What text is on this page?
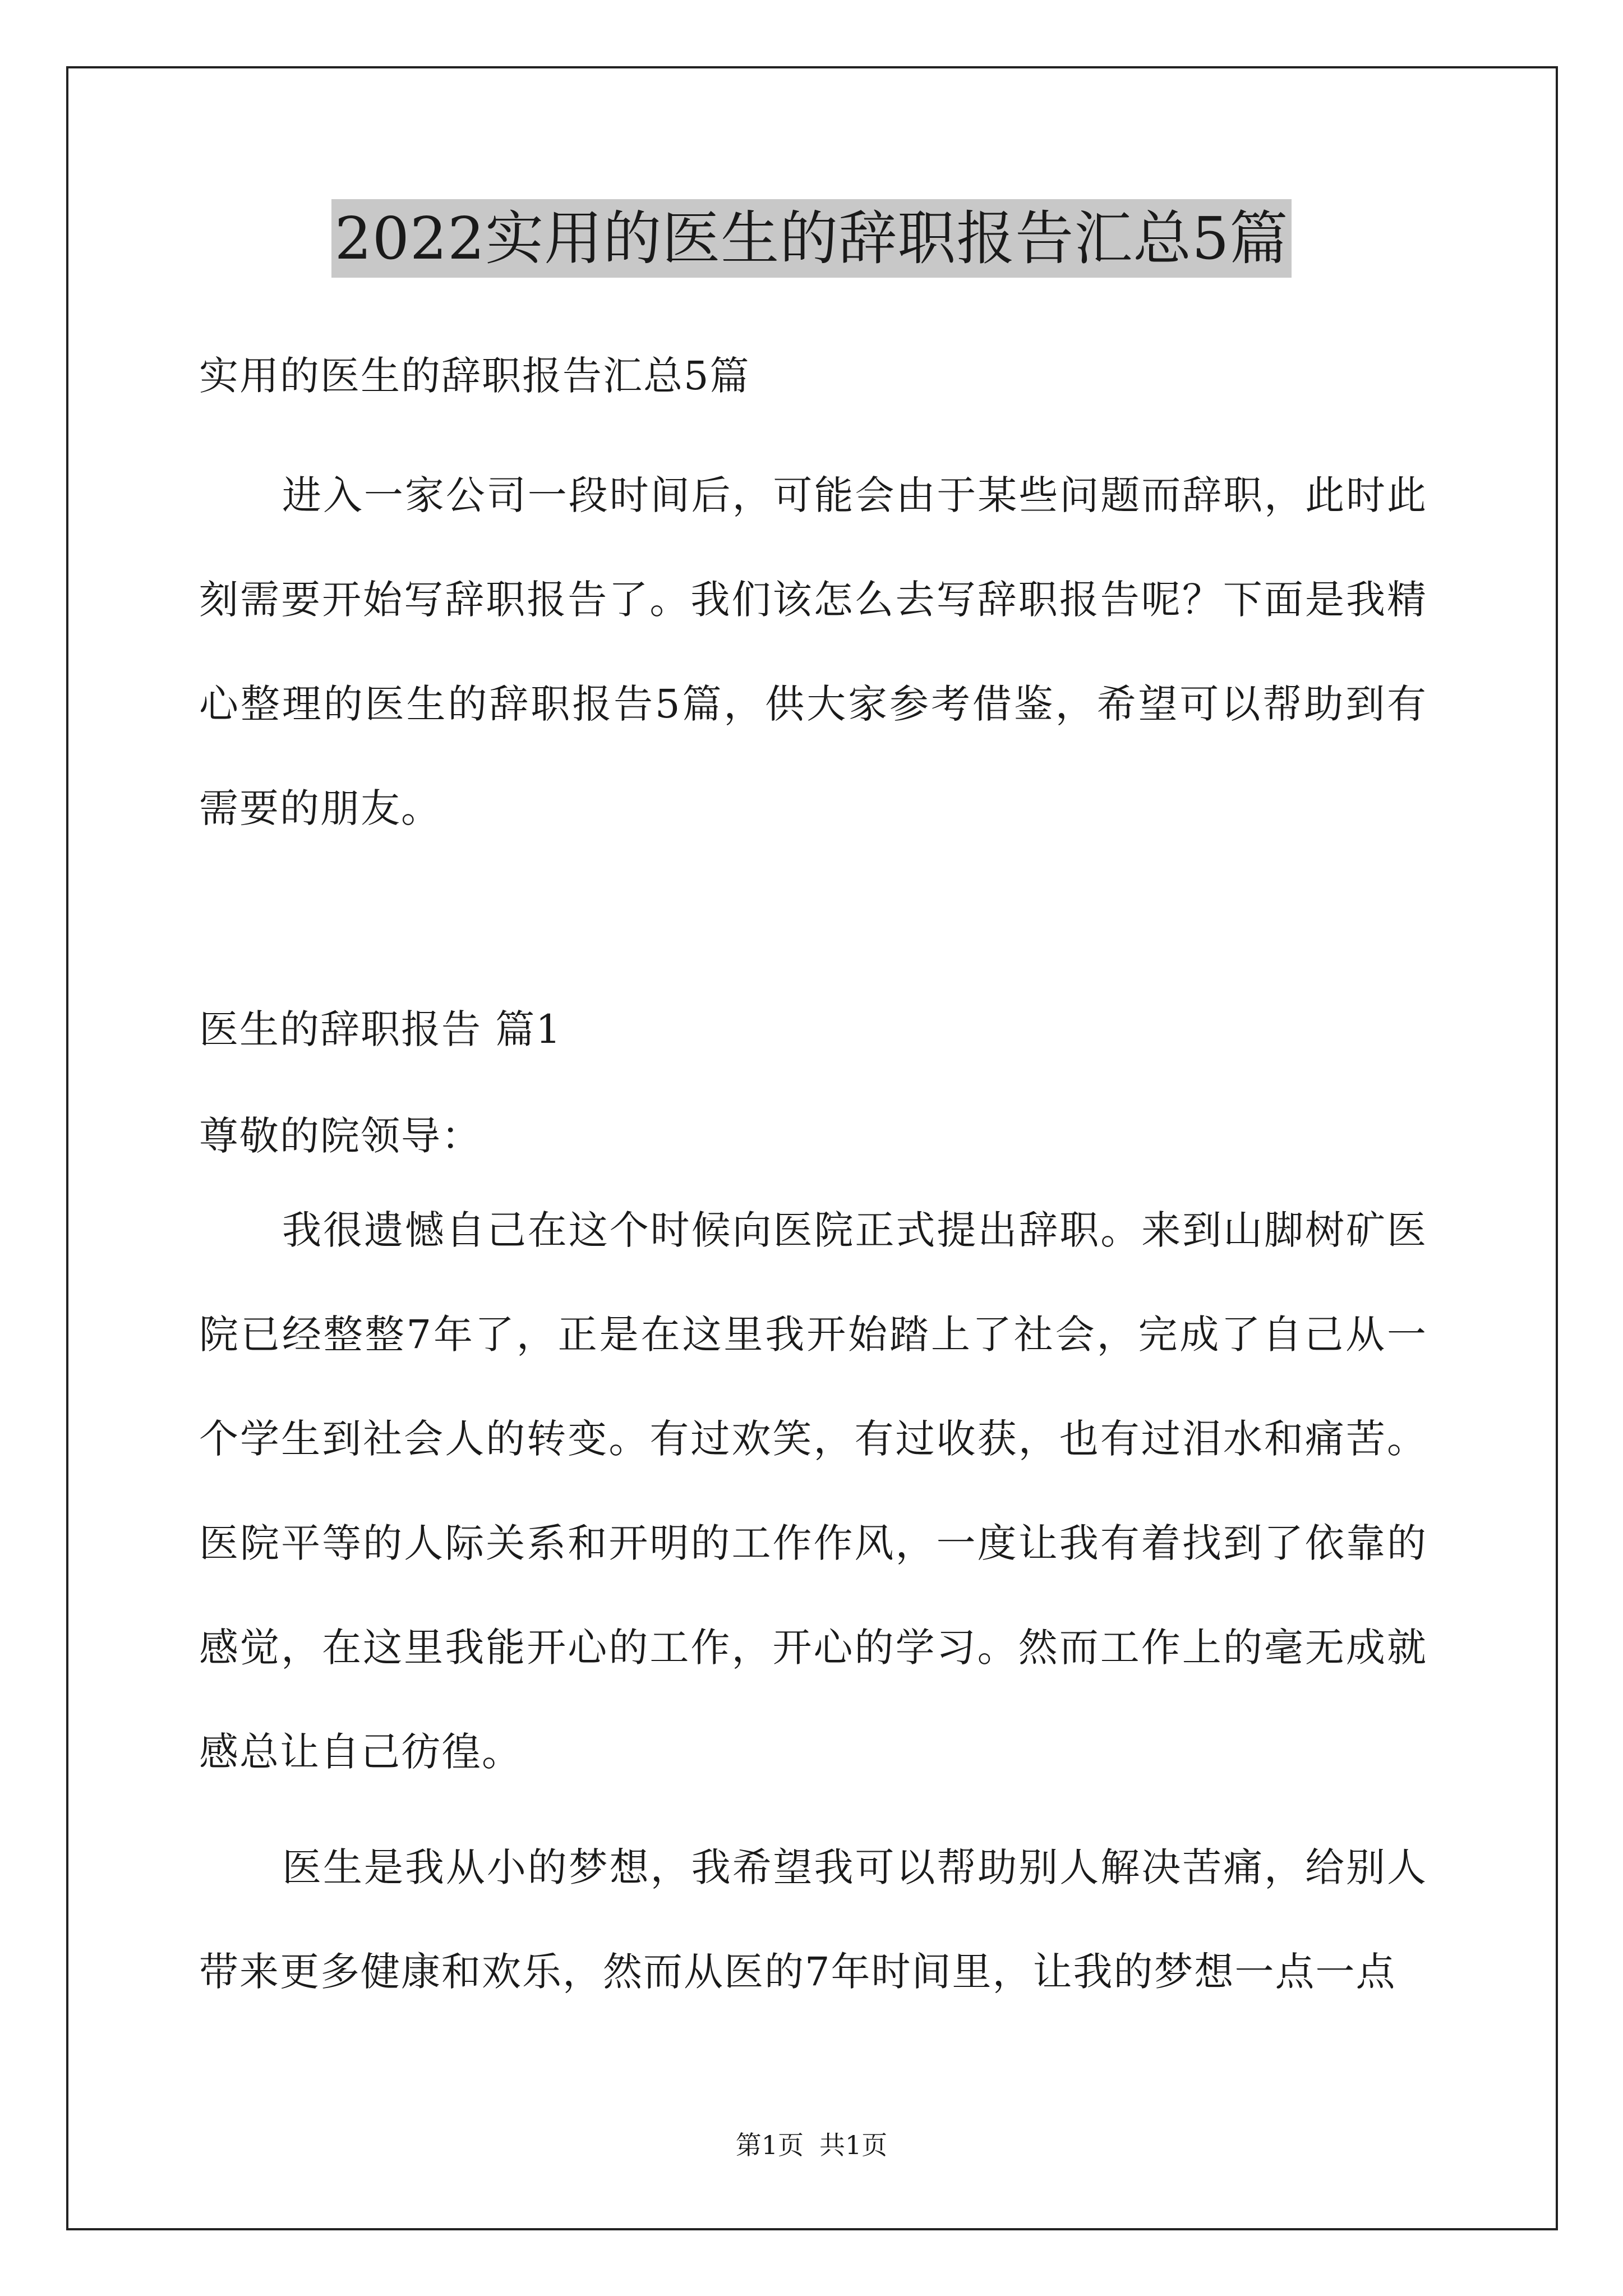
2022实用的医生的辞职报告汇总5篇

实用的医生的辞职报告汇总5篇

进入一家公司一段时间后，可能会由于某些问题而辞职，此时此刻需要开始写辞职报告了。我们该怎么去写辞职报告呢？下面是我精心整理的医生的辞职报告5篇，供大家参考借鉴，希望可以帮助到有需要的朋友。

医生的辞职报告 篇1

尊敬的院领导：

我很遗憾自己在这个时候向医院正式提出辞职。来到山脚树矿医院已经整整7年了，正是在这里我开始踏上了社会，完成了自己从一个学生到社会人的转变。有过欢笑，有过收获，也有过泪水和痛苦。医院平等的人际关系和开明的工作作风，一度让我有着找到了依靠的感觉，在这里我能开心的工作，开心的学习。然而工作上的毫无成就感总让自己彷徨。

医生是我从小的梦想，我希望我可以帮助别人解决苦痛，给别人带来更多健康和欢乐，然而从医的7年时间里，让我的梦想一点一点

第1页 共1页
